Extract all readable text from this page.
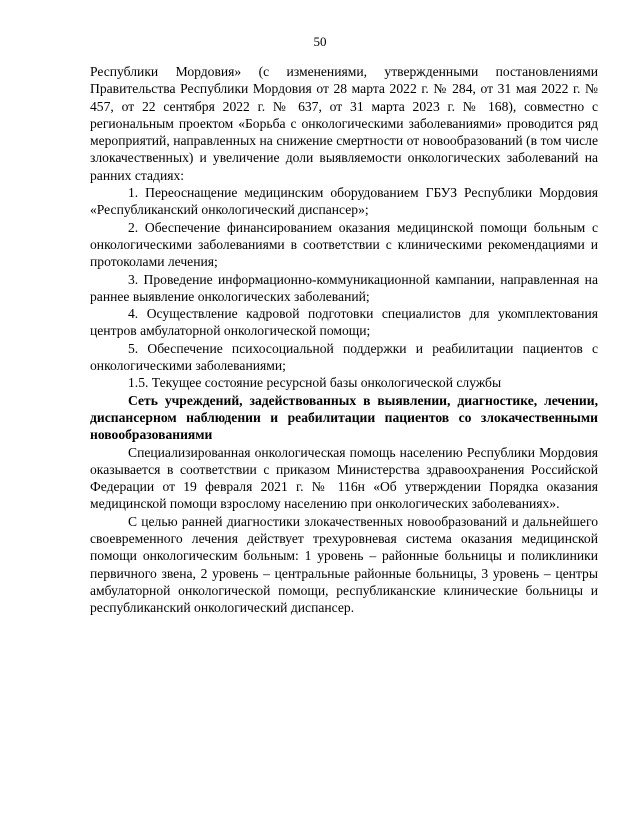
50

Республики Мордовия» (с изменениями, утвержденными постановлениями Правительства Республики Мордовия от 28 марта 2022 г. № 284, от 31 мая 2022 г. № 457, от 22 сентября 2022 г. № 637, от 31 марта 2023 г. № 168), совместно с региональным проектом «Борьба с онкологическими заболеваниями» проводится ряд мероприятий, направленных на снижение смертности от новообразований (в том числе злокачественных) и увеличение доли выявляемости онкологических заболеваний на ранних стадиях:

1. Переоснащение медицинским оборудованием ГБУЗ Республики Мордовия «Республиканский онкологический диспансер»;

2. Обеспечение финансированием оказания медицинской помощи больным с онкологическими заболеваниями в соответствии с клиническими рекомендациями и протоколами лечения;

3. Проведение информационно-коммуникационной кампании, направленная на раннее выявление онкологических заболеваний;

4. Осуществление кадровой подготовки специалистов для укомплектования центров амбулаторной онкологической помощи;

5. Обеспечение психосоциальной поддержки и реабилитации пациентов с онкологическими заболеваниями;

1.5. Текущее состояние ресурсной базы онкологической службы

Сеть учреждений, задействованных в выявлении, диагностике, лечении, диспансерном наблюдении и реабилитации пациентов со злокачественными новообразованиями

Специализированная онкологическая помощь населению Республики Мордовия оказывается в соответствии с приказом Министерства здравоохранения Российской Федерации от 19 февраля 2021 г. № 116н «Об утверждении Порядка оказания медицинской помощи взрослому населению при онкологических заболеваниях».

С целью ранней диагностики злокачественных новообразований и дальнейшего своевременного лечения действует трехуровневая система оказания медицинской помощи онкологическим больным: 1 уровень – районные больницы и поликлиники первичного звена, 2 уровень – центральные районные больницы, 3 уровень – центры амбулаторной онкологической помощи, республиканские клинические больницы и республиканский онкологический диспансер.
